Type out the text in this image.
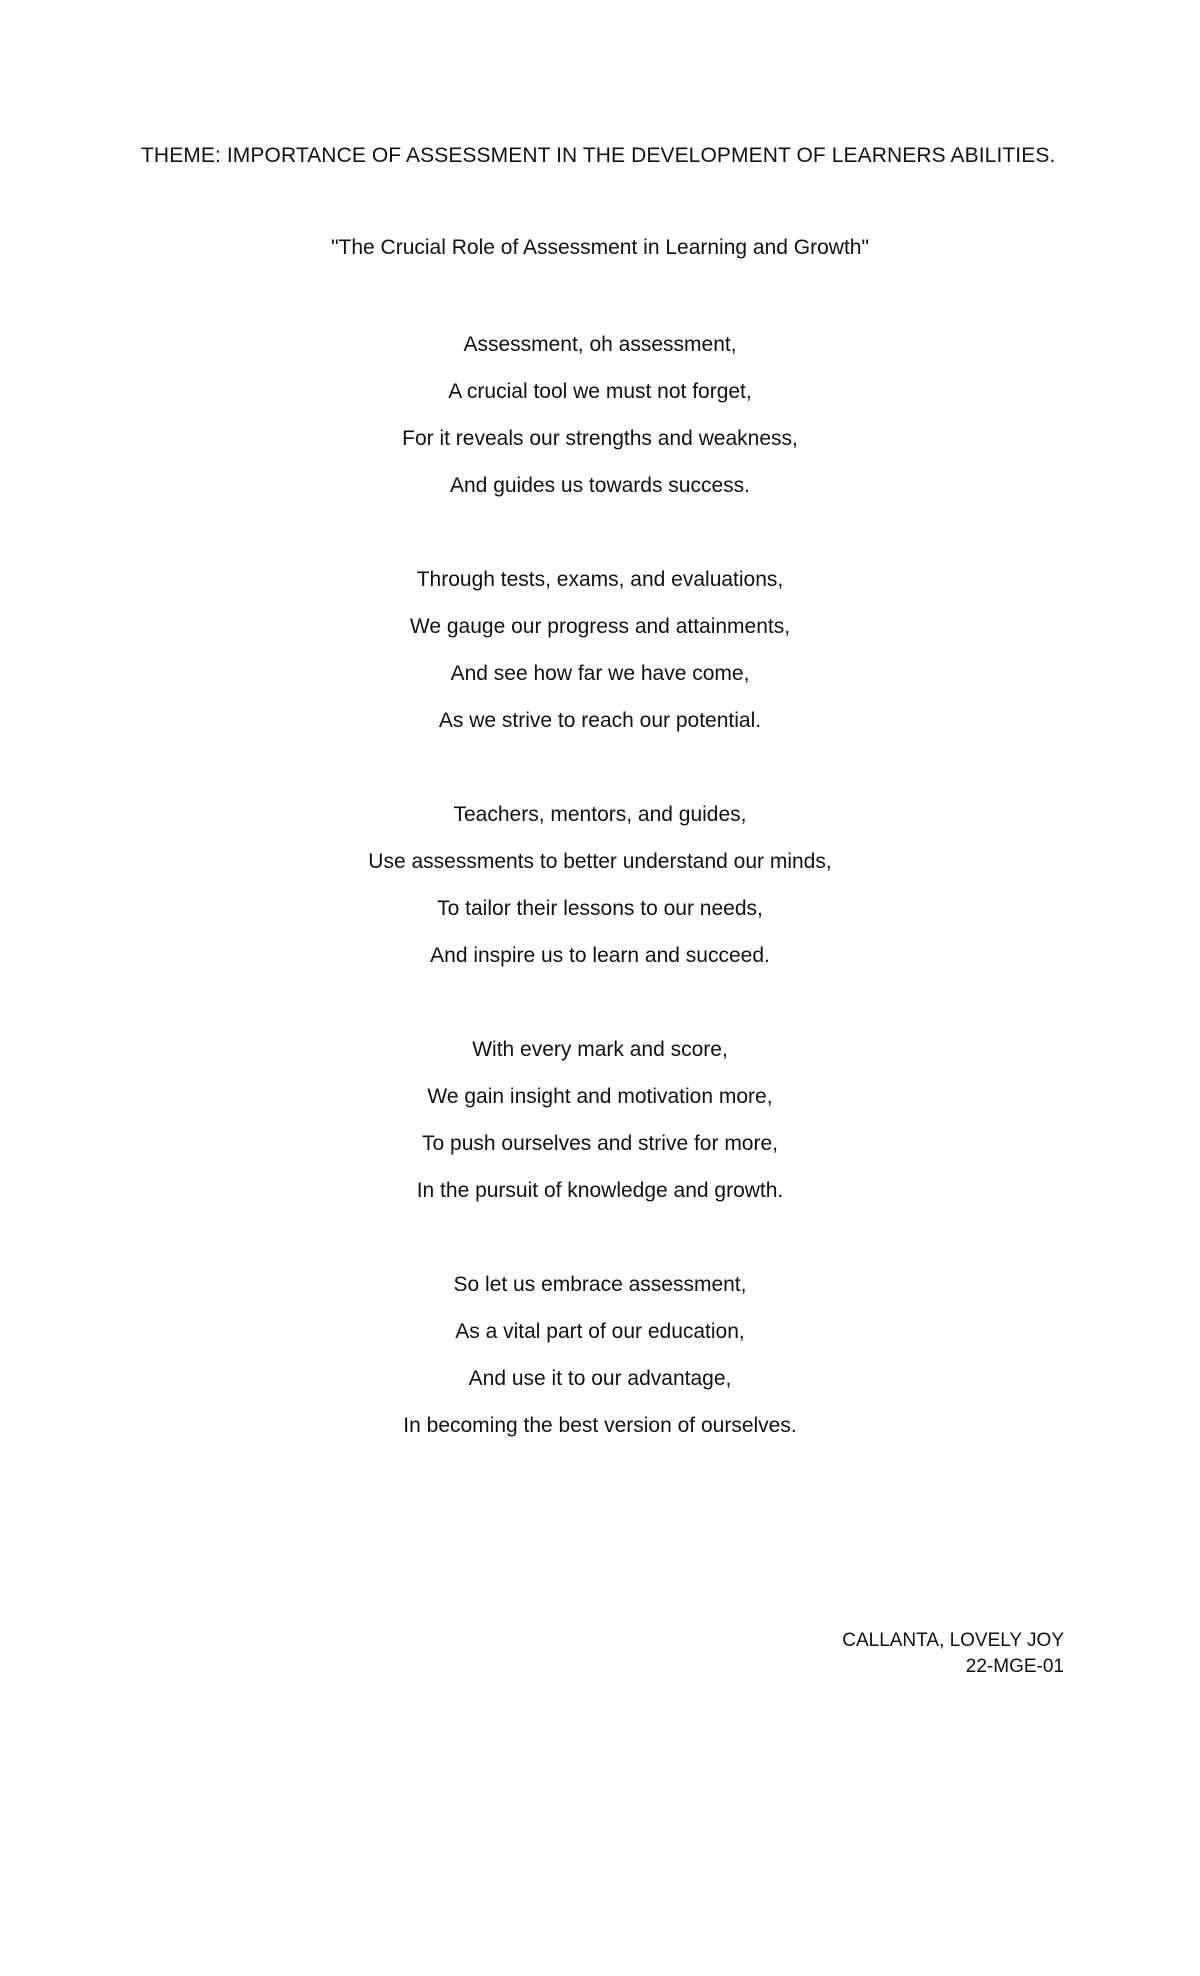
THEME: IMPORTANCE OF ASSESSMENT IN THE DEVELOPMENT OF LEARNERS ABILITIES.
"The Crucial Role of Assessment in Learning and Growth"
Assessment, oh assessment,
A crucial tool we must not forget,
For it reveals our strengths and weakness,
And guides us towards success.
Through tests, exams, and evaluations,
We gauge our progress and attainments,
And see how far we have come,
As we strive to reach our potential.
Teachers, mentors, and guides,
Use assessments to better understand our minds,
To tailor their lessons to our needs,
And inspire us to learn and succeed.
With every mark and score,
We gain insight and motivation more,
To push ourselves and strive for more,
In the pursuit of knowledge and growth.
So let us embrace assessment,
As a vital part of our education,
And use it to our advantage,
In becoming the best version of ourselves.
CALLANTA, LOVELY JOY
22-MGE-01
